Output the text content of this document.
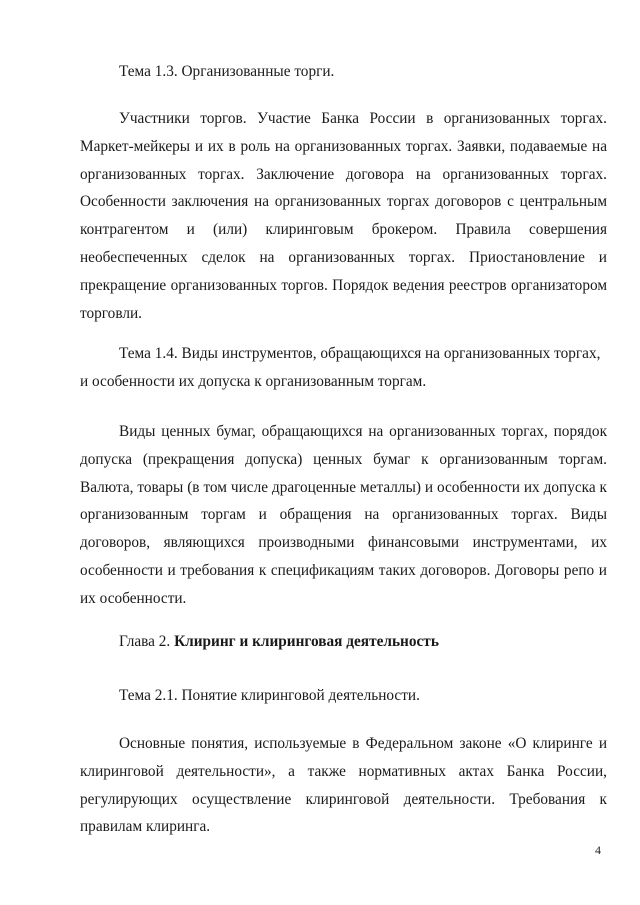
Тема 1.3. Организованные торги.
Участники торгов. Участие Банка России в организованных торгах. Маркет-мейкеры и их в роль на организованных торгах. Заявки, подаваемые на организованных торгах. Заключение договора на организованных торгах. Особенности заключения на организованных торгах договоров с центральным контрагентом и (или) клиринговым брокером. Правила совершения необеспеченных сделок на организованных торгах. Приостановление и прекращение организованных торгов. Порядок ведения реестров организатором торговли.
Тема 1.4. Виды инструментов, обращающихся на организованных торгах, и особенности их допуска к организованным торгам.
Виды ценных бумаг, обращающихся на организованных торгах, порядок допуска (прекращения допуска) ценных бумаг к организованным торгам. Валюта, товары (в том числе драгоценные металлы) и особенности их допуска к организованным торгам и обращения на организованных торгах. Виды договоров, являющихся производными финансовыми инструментами, их особенности и требования к спецификациям таких договоров. Договоры репо и их особенности.
Глава 2. Клиринг и клиринговая деятельность
Тема 2.1. Понятие клиринговой деятельности.
Основные понятия, используемые в Федеральном законе «О клиринге и клиринговой деятельности», а также нормативных актах Банка России, регулирующих осуществление клиринговой деятельности. Требования к правилам клиринга.
4
